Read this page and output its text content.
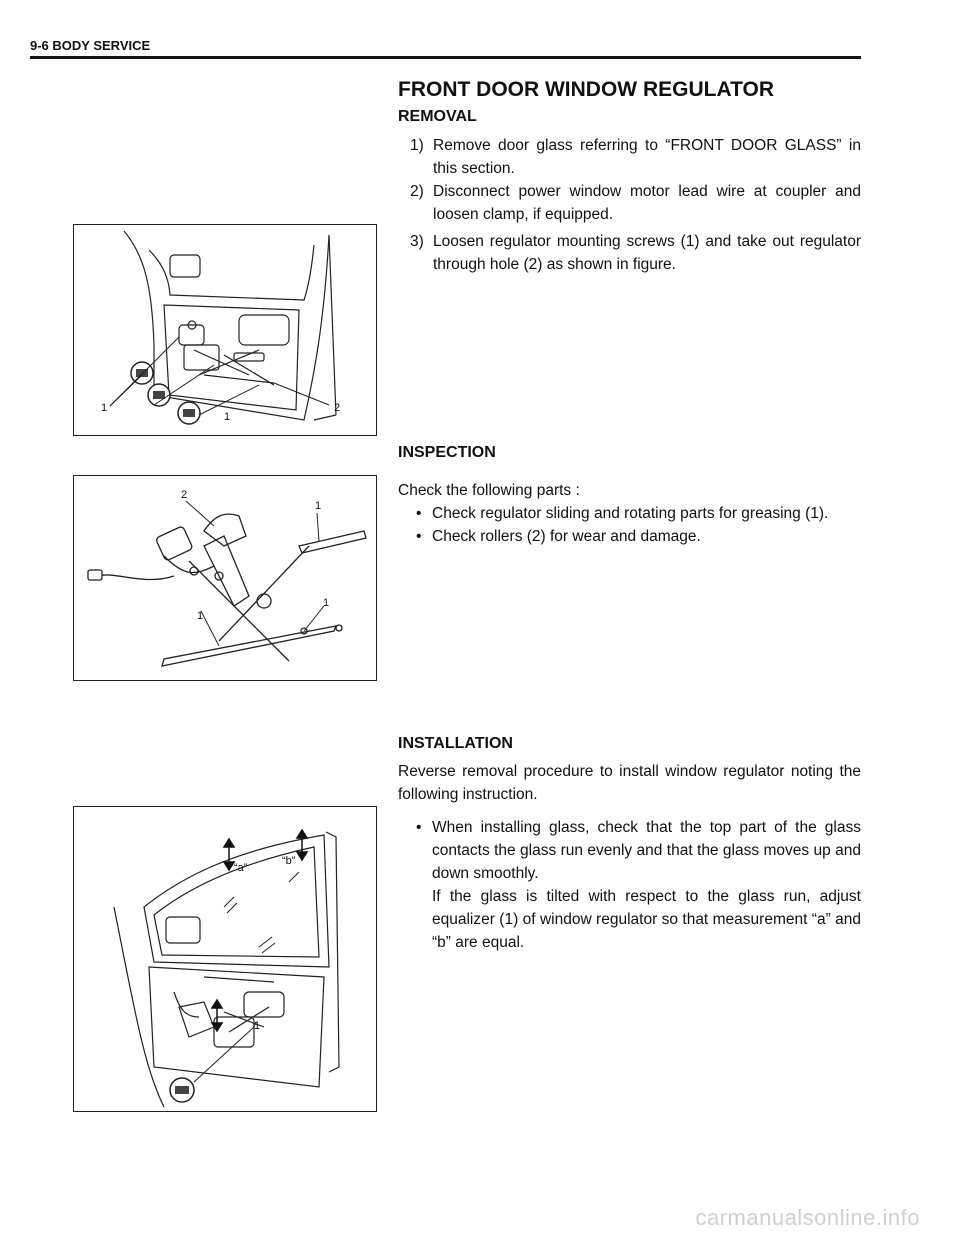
9-6 BODY SERVICE
FRONT DOOR WINDOW REGULATOR
REMOVAL
1) Remove door glass referring to “FRONT DOOR GLASS” in this section.
2) Disconnect power window motor lead wire at coupler and loosen clamp, if equipped.
3) Loosen regulator mounting screws (1) and take out regulator through hole (2) as shown in figure.
1
1
2
INSPECTION
Check the following parts :
• Check regulator sliding and rotating parts for greasing (1).
• Check rollers (2) for wear and damage.
2
1
1
1
INSTALLATION
Reverse removal procedure to install window regulator noting the following instruction.
• When installing glass, check that the top part of the glass contacts the glass run evenly and that the glass moves up and down smoothly.
If the glass is tilted with respect to the glass run, adjust equalizer (1) of window regulator so that measurement “a” and “b” are equal.
“a”
“b”
1
carmanualsonline.info
